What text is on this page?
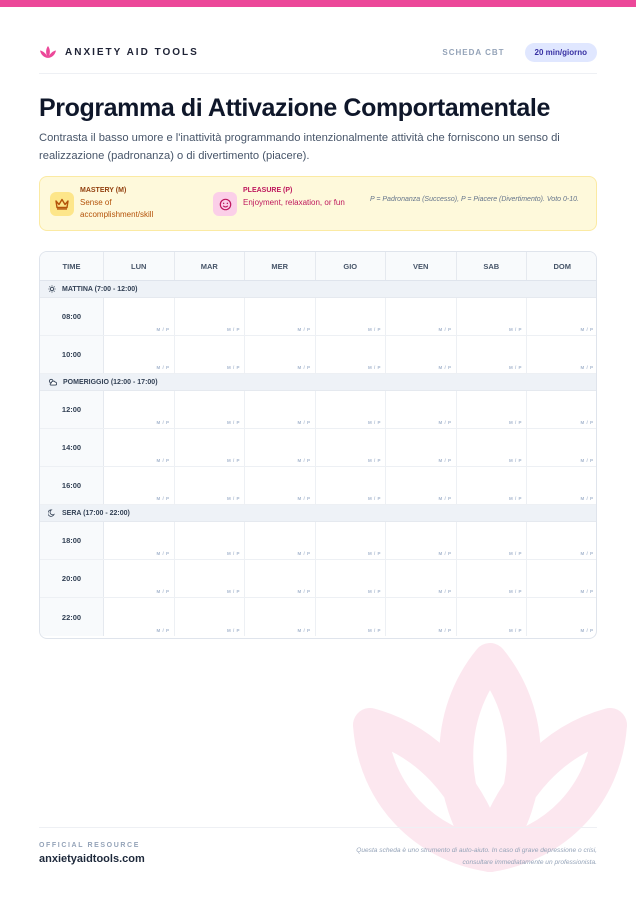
ANXIETY AID TOOLS	SCHEDA CBT	20 min/giorno
Programma di Attivazione Comportamentale

Contrasta il basso umore e l'inattività programmando intenzionalmente attività che forniscono un senso di realizzazione (padronanza) o di divertimento (piacere).

MASTERY (M)
Sense of accomplishment/skill
PLEASURE (P)
Enjoyment, relaxation, or fun	P = Padronanza (Successo), P = Piacere (Divertimento). Voto 0-10.
TIME	LUN	MAR	MER	GIO	VEN	SAB	DOM
MATTINA (7:00 - 12:00)
08:00
M / P	M / P	M / P	M / P	M / P	M / P	M / P
10:00
M / P	M / P	M / P	M / P	M / P	M / P	M / P
POMERIGGIO (12:00 - 17:00)
12:00
M / P	M / P	M / P	M / P	M / P	M / P	M / P
14:00
M / P	M / P	M / P	M / P	M / P	M / P	M / P
16:00
M / P	M / P	M / P	M / P	M / P	M / P	M / P
SERA (17:00 - 22:00)
18:00
M / P	M / P	M / P	M / P	M / P	M / P	M / P
20:00
M / P	M / P	M / P	M / P	M / P	M / P	M / P
22:00
M / P	M / P	M / P	M / P	M / P	M / P	M / P
OFFICIAL RESOURCE
anxietyaidtools.com
Questa scheda è uno strumento di auto-aiuto. In caso di grave depressione o crisi, consultare immediatamente un professionista.
